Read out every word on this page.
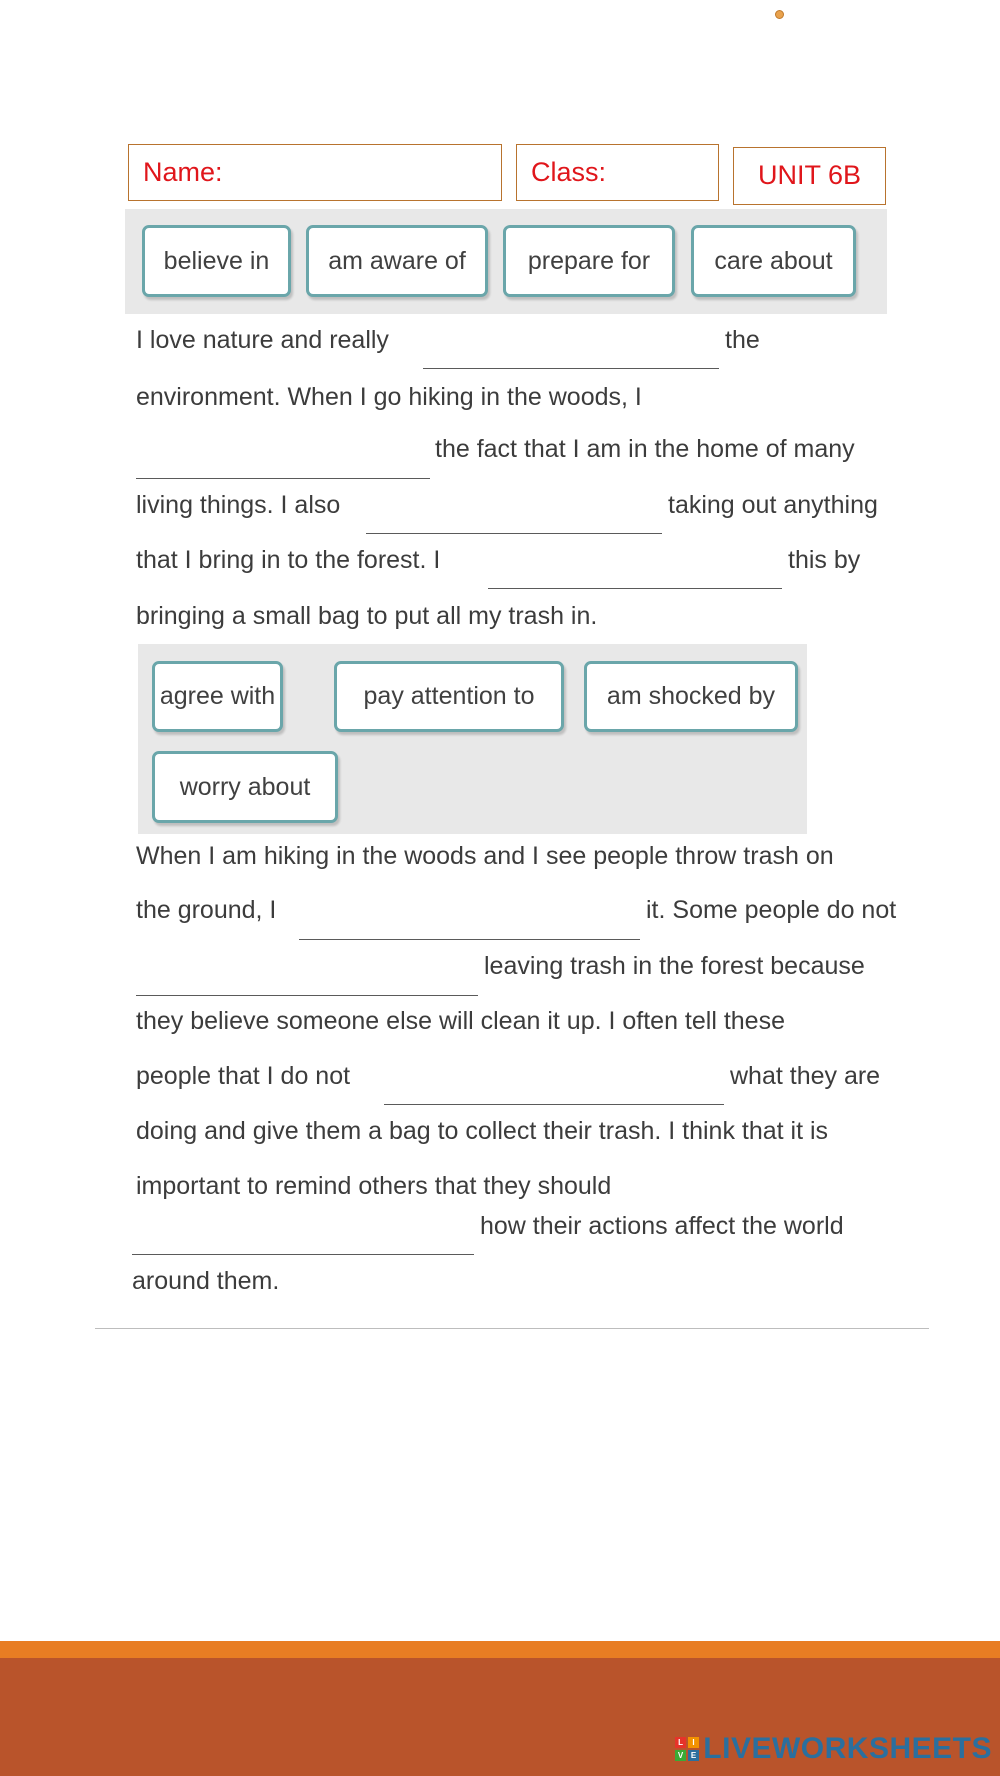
Name:	Class:	UNIT 6B
believe in	am aware of	prepare for	care about
I love nature and really	the
environment. When I go hiking in the woods, I
the fact that I am in the home of many
living things. I also	taking out anything
that I bring in to the forest. I	this by
bringing a small bag to put all my trash in.
agree with	pay attention to	am shocked by
worry about
When I am hiking in the woods and I see people throw trash on
the ground, I	it. Some people do not
leaving trash in the forest because
they believe someone else will clean it up. I often tell these
people that I do not	what they are
doing and give them a bag to collect their trash. I think that it is
important to remind others that they should
how their actions affect the world
around them.
L	I
V E LIVEWORKSHEETS
